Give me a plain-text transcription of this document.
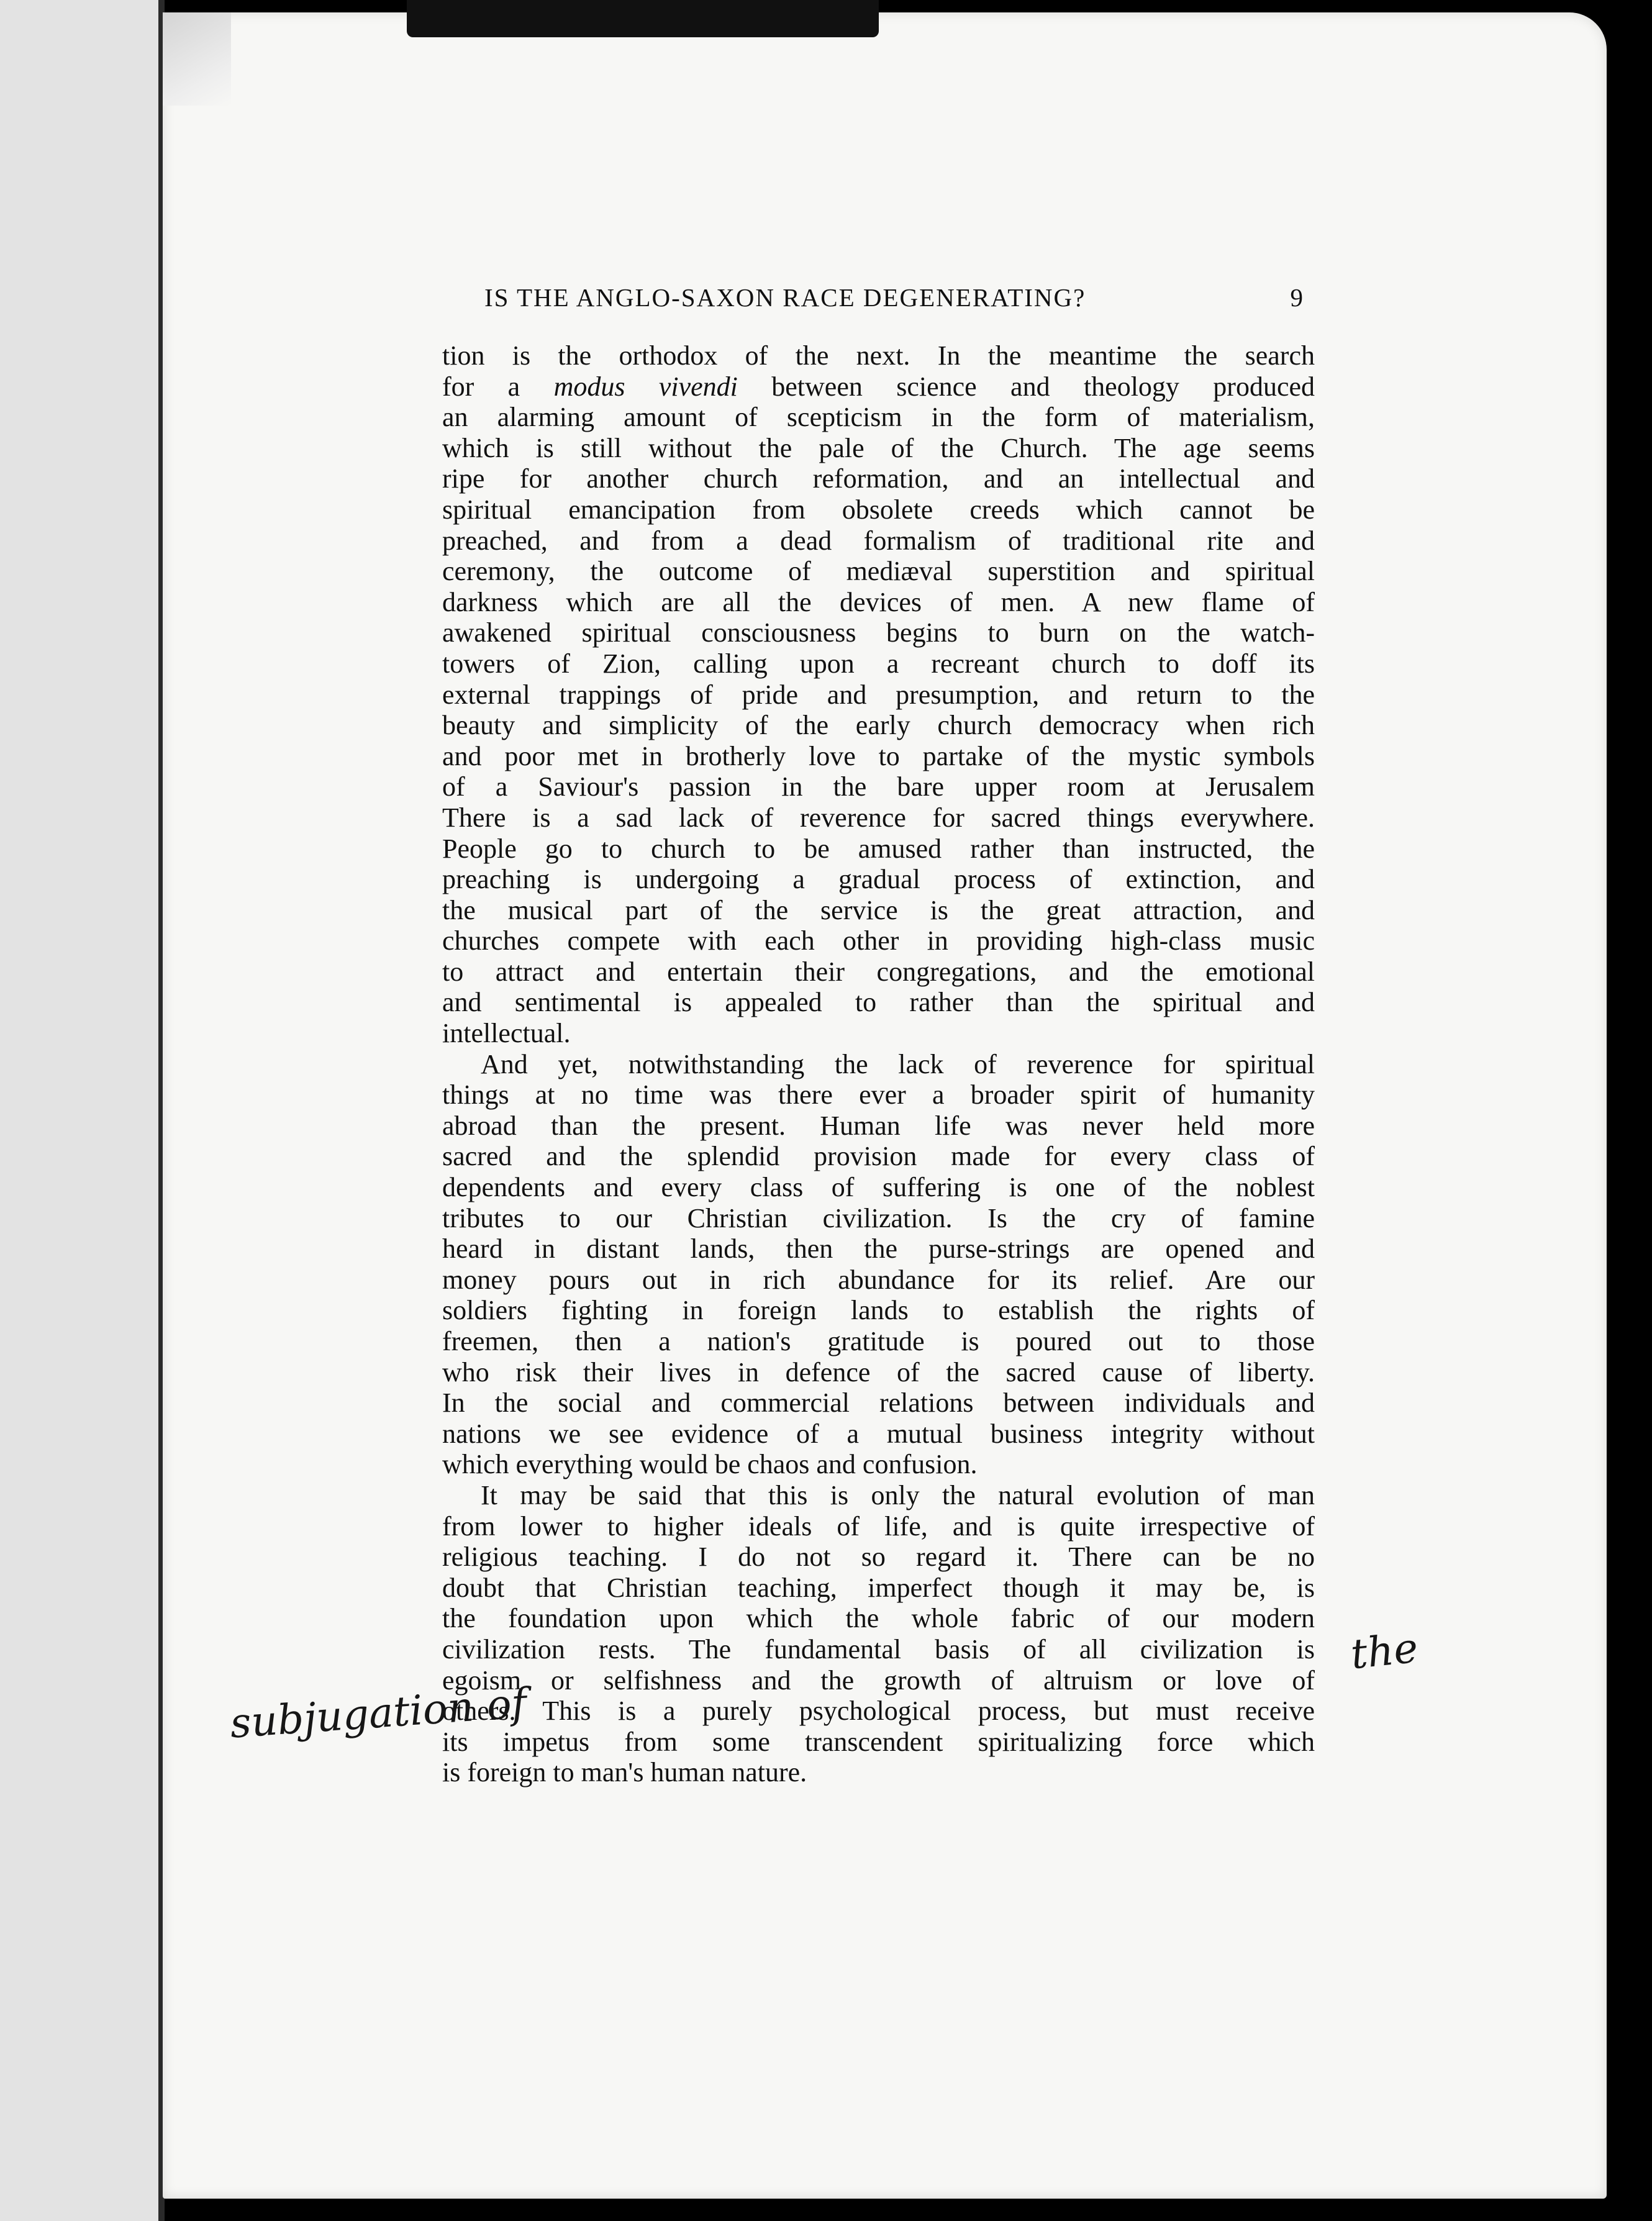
IS THE ANGLO-SAXON RACE DEGENERATING?	9
tion is the orthodox of the next. In the meantime the search
for a modus vivendi between science and theology produced
an alarming amount of scepticism in the form of materialism,
which is still without the pale of the Church. The age seems
ripe for another church reformation, and an intellectual and
spiritual emancipation from obsolete creeds which cannot be
preached, and from a dead formalism of traditional rite and
ceremony, the outcome of mediæval superstition and spiritual
darkness which are all the devices of men. A new flame of
awakened spiritual consciousness begins to burn on the watch-
towers of Zion, calling upon a recreant church to doff its
external trappings of pride and presumption, and return to the
beauty and simplicity of the early church democracy when rich
and poor met in brotherly love to partake of the mystic symbols
of a Saviour's passion in the bare upper room at Jerusalem
There is a sad lack of reverence for sacred things everywhere.
People go to church to be amused rather than instructed, the
preaching is undergoing a gradual process of extinction, and
the musical part of the service is the great attraction, and
churches compete with each other in providing high-class music
to attract and entertain their congregations, and the emotional
and sentimental is appealed to rather than the spiritual and
intellectual.
And yet, notwithstanding the lack of reverence for spiritual
things at no time was there ever a broader spirit of humanity
abroad than the present. Human life was never held more
sacred and the splendid provision made for every class of
dependents and every class of suffering is one of the noblest
tributes to our Christian civilization. Is the cry of famine
heard in distant lands, then the purse-strings are opened and
money pours out in rich abundance for its relief. Are our
soldiers fighting in foreign lands to establish the rights of
freemen, then a nation's gratitude is poured out to those
who risk their lives in defence of the sacred cause of liberty.
In the social and commercial relations between individuals and
nations we see evidence of a mutual business integrity without
which everything would be chaos and confusion.
It may be said that this is only the natural evolution of man
from lower to higher ideals of life, and is quite irrespective of
religious teaching. I do not so regard it. There can be no
doubt that Christian teaching, imperfect though it may be, is
the foundation upon which the whole fabric of our modern
civilization rests. The fundamental basis of all civilization is
egoism or selfishness and the growth of altruism or love of
others. This is a purely psychological process, but must receive
its impetus from some transcendent spiritualizing force which
is foreign to man's human nature.
subjugation of
the
